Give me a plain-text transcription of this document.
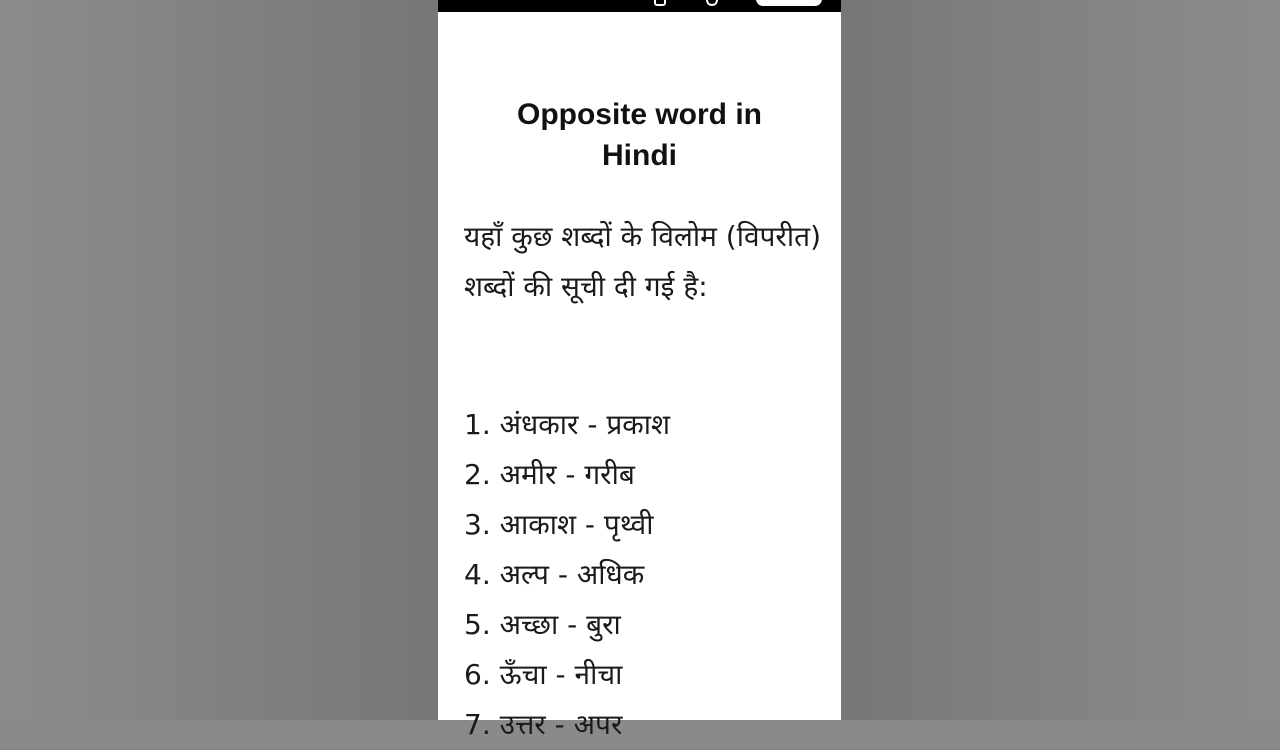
Opposite word in Hindi

यहाँ कुछ शब्दों के विलोम (विपरीत) शब्दों की सूची दी गई है:

1. अंधकार - प्रकाश
2. अमीर - गरीब
3. आकाश - पृथ्वी
4. अल्प - अधिक
5. अच्छा - बुरा
6. ऊँचा - नीचा
7. उत्तर - अपर
